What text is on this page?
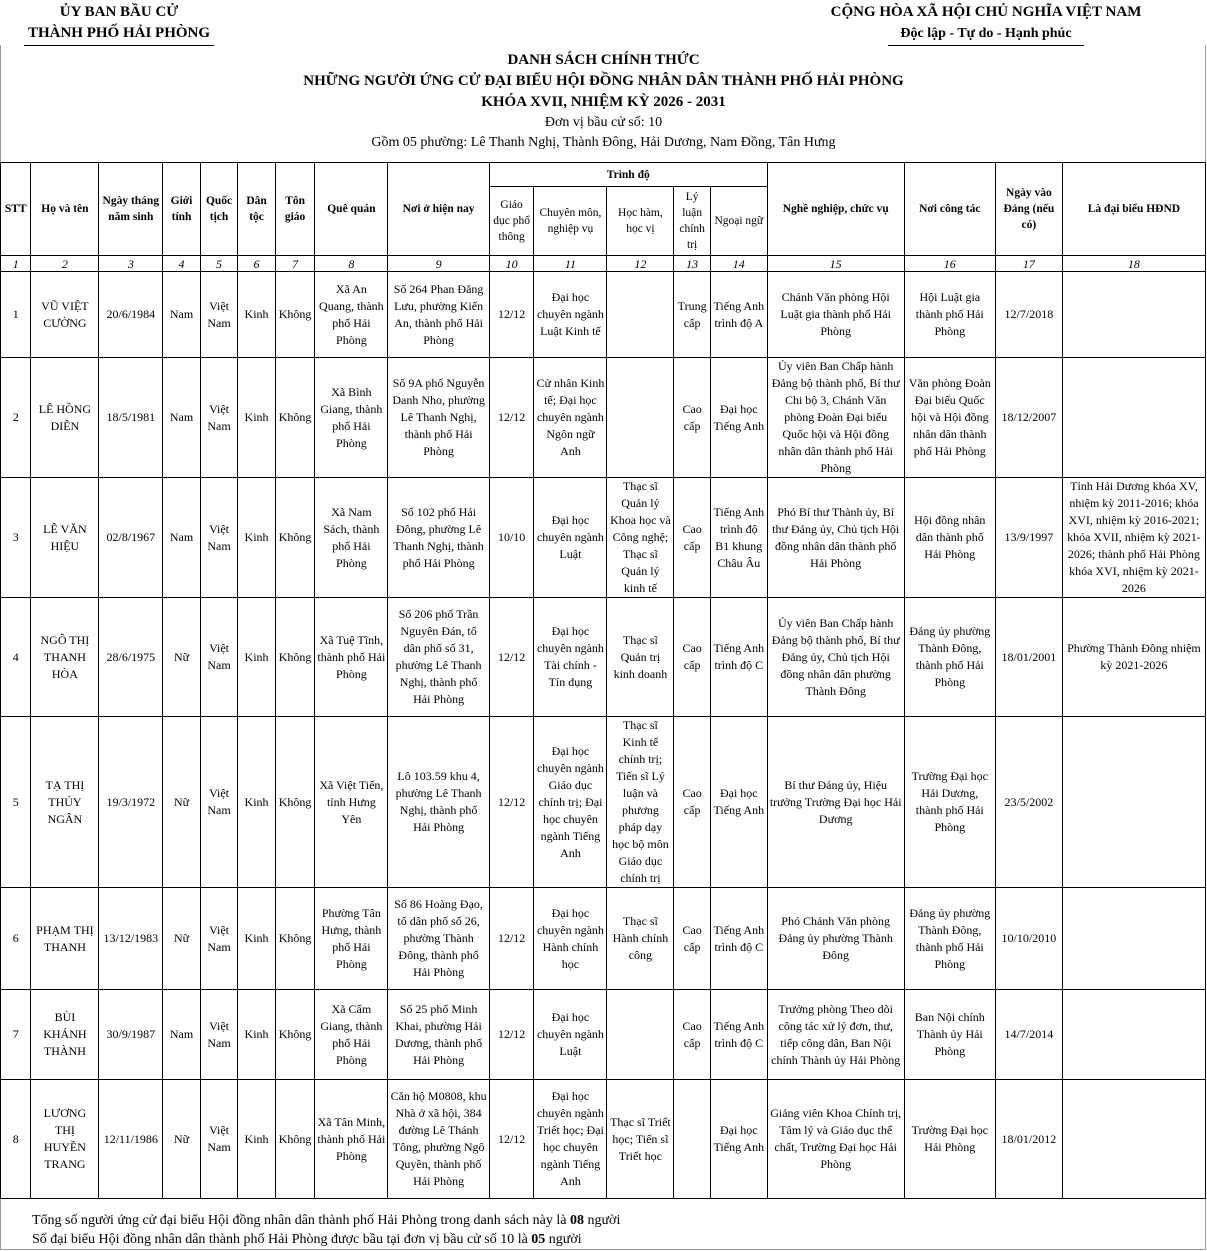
ỦY BAN BẦU CỬ
THÀNH PHỐ HẢI PHÒNG
CỘNG HÒA XÃ HỘI CHỦ NGHĨA VIỆT NAM
Độc lập - Tự do - Hạnh phúc
DANH SÁCH CHÍNH THỨC
NHỮNG NGƯỜI ỨNG CỬ ĐẠI BIỂU HỘI ĐỒNG NHÂN DÂN THÀNH PHỐ HẢI PHÒNG
KHÓA XVII, NHIỆM KỲ 2026 - 2031
Đơn vị bầu cử số: 10
Gồm 05 phường: Lê Thanh Nghị, Thành Đông, Hải Dương, Nam Đồng, Tân Hưng
STT	Họ và tên	Ngày tháng năm sinh	Giới tính	Quốc tịch	Dân tộc	Tôn giáo	Quê quán	Nơi ở hiện nay	Trình độ					Nghề nghiệp, chức vụ	Nơi công tác	Ngày vào Đảng (nếu có)	Là đại biểu HĐND
									Giáo dục phổ thông	Chuyên môn, nghiệp vụ	Học hàm, học vị	Lý luận chính trị	Ngoại ngữ				
1	2	3	4	5	6	7	8	9	10	11	12	13	14	15	16	17	18
1	VŨ VIỆT CƯỜNG	20/6/1984	Nam	Việt Nam	Kinh	Không	Xã An Quang, thành phố Hải Phòng	Số 264 Phan Đăng Lưu, phường Kiến An, thành phố Hải Phòng	12/12	Đại học chuyên ngành Luật Kinh tế		Trung cấp	Tiếng Anh trình độ A	Chánh Văn phòng Hội Luật gia thành phố Hải Phòng	Hội Luật gia thành phố Hải Phòng	12/7/2018	
2	LÊ HỒNG DIÊN	18/5/1981	Nam	Việt Nam	Kinh	Không	Xã Bình Giang, thành phố Hải Phòng	Số 9A phố Nguyễn Danh Nho, phường Lê Thanh Nghị, thành phố Hải Phòng	12/12	Cử nhân Kinh tế; Đại học chuyên ngành Ngôn ngữ Anh		Cao cấp	Đại học Tiếng Anh	Ủy viên Ban Chấp hành Đảng bộ thành phố, Bí thư Chi bộ 3, Chánh Văn phòng Đoàn Đại biểu Quốc hội và Hội đồng nhân dân thành phố Hải Phòng	Văn phòng Đoàn Đại biểu Quốc hội và Hội đồng nhân dân thành phố Hải Phòng	18/12/2007	
3	LÊ VĂN HIỆU	02/8/1967	Nam	Việt Nam	Kinh	Không	Xã Nam Sách, thành phố Hải Phòng	Số 102 phố Hải Đông, phường Lê Thanh Nghị, thành phố Hải Phòng	10/10	Đại học chuyên ngành Luật	Thạc sĩ Quản lý Khoa học và Công nghệ; Thạc sĩ Quản lý kinh tế	Cao cấp	Tiếng Anh trình độ B1 khung Châu Âu	Phó Bí thư Thành ủy, Bí thư Đảng ủy, Chủ tịch Hội đồng nhân dân thành phố Hải Phòng	Hội đồng nhân dân thành phố Hải Phòng	13/9/1997	Tỉnh Hải Dương khóa XV, nhiệm kỳ 2011-2016; khóa XVI, nhiệm kỳ 2016-2021; khóa XVII, nhiệm kỳ 2021-2026; thành phố Hải Phòng khóa XVI, nhiệm kỳ 2021-2026
4	NGÔ THỊ THANH HÒA	28/6/1975	Nữ	Việt Nam	Kinh	Không	Xã Tuệ Tĩnh, thành phố Hải Phòng	Số 206 phố Trần Nguyên Đán, tổ dân phố số 31, phường Lê Thanh Nghị, thành phố Hải Phòng	12/12	Đại học chuyên ngành Tài chính - Tín dụng	Thạc sĩ Quản trị kinh doanh	Cao cấp	Tiếng Anh trình độ C	Ủy viên Ban Chấp hành Đảng bộ thành phố, Bí thư Đảng ủy, Chủ tịch Hội đồng nhân dân phường Thành Đông	Đảng ủy phường Thành Đông, thành phố Hải Phòng	18/01/2001	Phường Thành Đông nhiệm kỳ 2021-2026
5	TẠ THỊ THÚY NGÂN	19/3/1972	Nữ	Việt Nam	Kinh	Không	Xã Việt Tiến, tỉnh Hưng Yên	Lô 103.59 khu 4, phường Lê Thanh Nghị, thành phố Hải Phòng	12/12	Đại học chuyên ngành Giáo dục chính trị; Đại học chuyên ngành Tiếng Anh	Thạc sĩ Kinh tế chính trị; Tiến sĩ Lý luận và phương pháp dạy học bộ môn Giáo dục chính trị	Cao cấp	Đại học Tiếng Anh	Bí thư Đảng ủy, Hiệu trưởng Trường Đại học Hải Dương	Trường Đại học Hải Dương, thành phố Hải Phòng	23/5/2002	
6	PHẠM THỊ THANH	13/12/1983	Nữ	Việt Nam	Kinh	Không	Phường Tân Hưng, thành phố Hải Phòng	Số 86 Hoàng Đạo, tổ dân phố số 26, phường Thành Đông, thành phố Hải Phòng	12/12	Đại học chuyên ngành Hành chính học	Thạc sĩ Hành chính công	Cao cấp	Tiếng Anh trình độ C	Phó Chánh Văn phòng Đảng ủy phường Thành Đông	Đảng ủy phường Thành Đông, thành phố Hải Phòng	10/10/2010	
7	BÙI KHÁNH THÀNH	30/9/1987	Nam	Việt Nam	Kinh	Không	Xã Cẩm Giang, thành phố Hải Phòng	Số 25 phố Minh Khai, phường Hải Dương, thành phố Hải Phòng	12/12	Đại học chuyên ngành Luật		Cao cấp	Tiếng Anh trình độ C	Trưởng phòng Theo dõi công tác xử lý đơn, thư, tiếp công dân, Ban Nội chính Thành ủy Hải Phòng	Ban Nội chính Thành ủy Hải Phòng	14/7/2014	
8	LƯƠNG THỊ HUYỀN TRANG	12/11/1986	Nữ	Việt Nam	Kinh	Không	Xã Tân Minh, thành phố Hải Phòng	Căn hộ M0808, khu Nhà ở xã hội, 384 đường Lê Thánh Tông, phường Ngô Quyền, thành phố Hải Phòng	12/12	Đại học chuyên ngành Triết học; Đại học chuyên ngành Tiếng Anh	Thạc sĩ Triết học; Tiến sĩ Triết học		Đại học Tiếng Anh	Giảng viên Khoa Chính trị, Tâm lý và Giáo dục thể chất, Trường Đại học Hải Phòng	Trường Đại học Hải Phòng	18/01/2012	
Tổng số người ứng cử đại biểu Hội đồng nhân dân thành phố Hải Phòng trong danh sách này là 08 người
Số đại biểu Hội đồng nhân dân thành phố Hải Phòng được bầu tại đơn vị bầu cử số 10 là 05 người
